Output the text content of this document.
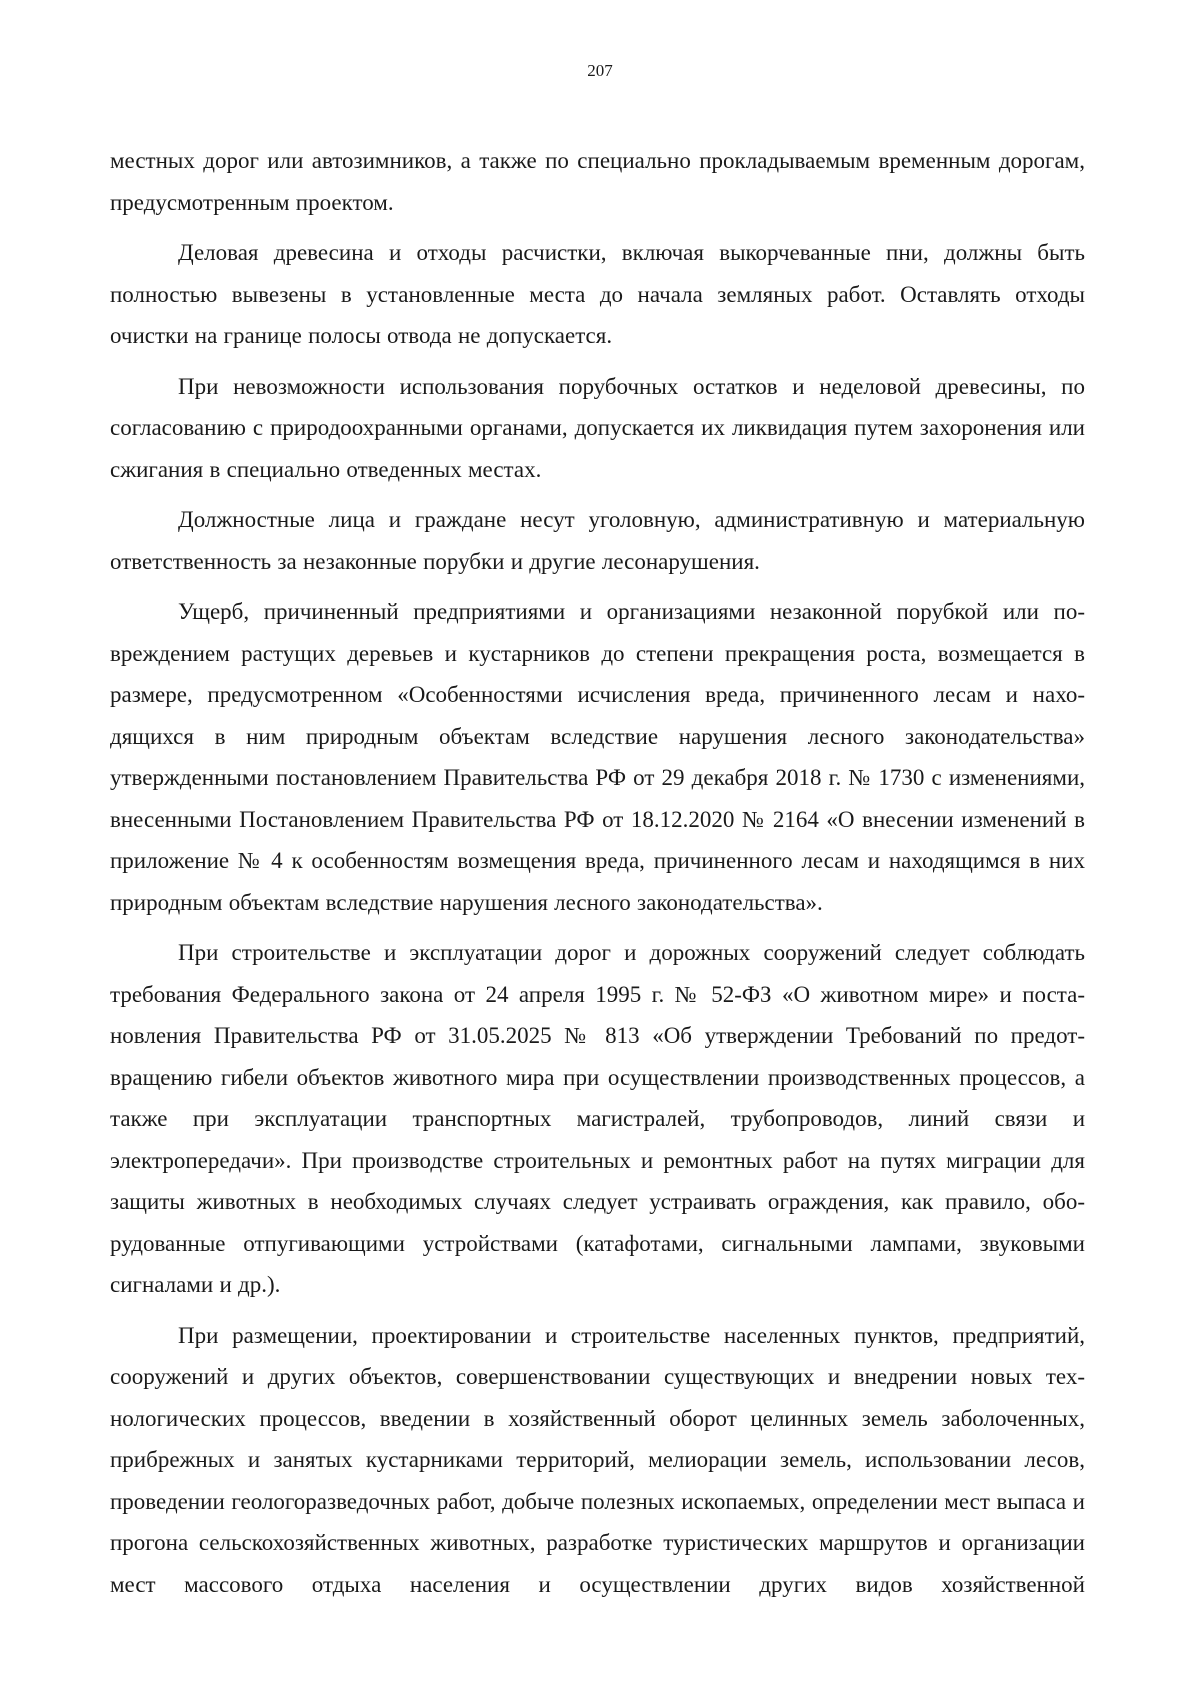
207

местных дорог или автозимников, а также по специально прокладываемым временным дорогам, предусмотренным проектом.

Деловая древесина и отходы расчистки, включая выкорчеванные пни, должны быть полностью вывезены в установленные места до начала земляных работ. Оставлять отходы очистки на границе полосы отвода не допускается.

При невозможности использования порубочных остатков и неделовой древесины, по согласованию с природоохранными органами, допускается их ликвидация путем захоронения или сжигания в специально отведенных местах.

Должностные лица и граждане несут уголовную, административную и материальную ответственность за незаконные порубки и другие лесонарушения.

Ущерб, причиненный предприятиями и организациями незаконной порубкой или повреждением растущих деревьев и кустарников до степени прекращения роста, возмещается в размере, предусмотренном «Особенностями исчисления вреда, причиненного лесам и находящихся в ним природным объектам вследствие нарушения лесного законодательства» утвержденными постановлением Правительства РФ от 29 декабря 2018 г. № 1730 с изменениями, внесенными Постановлением Правительства РФ от 18.12.2020 № 2164 «О внесении изменений в приложение № 4 к особенностям возмещения вреда, причиненного лесам и находящимся в них природным объектам вследствие нарушения лесного законодательства».

При строительстве и эксплуатации дорог и дорожных сооружений следует соблюдать требования Федерального закона от 24 апреля 1995 г. № 52-ФЗ «О животном мире» и постановления Правительства РФ от 31.05.2025 № 813 «Об утверждении Требований по предотвращению гибели объектов животного мира при осуществлении производственных процессов, а также при эксплуатации транспортных магистралей, трубопроводов, линий связи и электропередачи». При производстве строительных и ремонтных работ на путях миграции для защиты животных в необходимых случаях следует устраивать ограждения, как правило, оборудованные отпугивающими устройствами (катафотами, сигнальными лампами, звуковыми сигналами и др.).

При размещении, проектировании и строительстве населенных пунктов, предприятий, сооружений и других объектов, совершенствовании существующих и внедрении новых технологических процессов, введении в хозяйственный оборот целинных земель заболоченных, прибрежных и занятых кустарниками территорий, мелиорации земель, использовании лесов, проведении геологоразведочных работ, добыче полезных ископаемых, определении мест выпаса и прогона сельскохозяйственных животных, разработке туристических маршрутов и организации мест массового отдыха населения и осуществлении других видов хозяйственной
